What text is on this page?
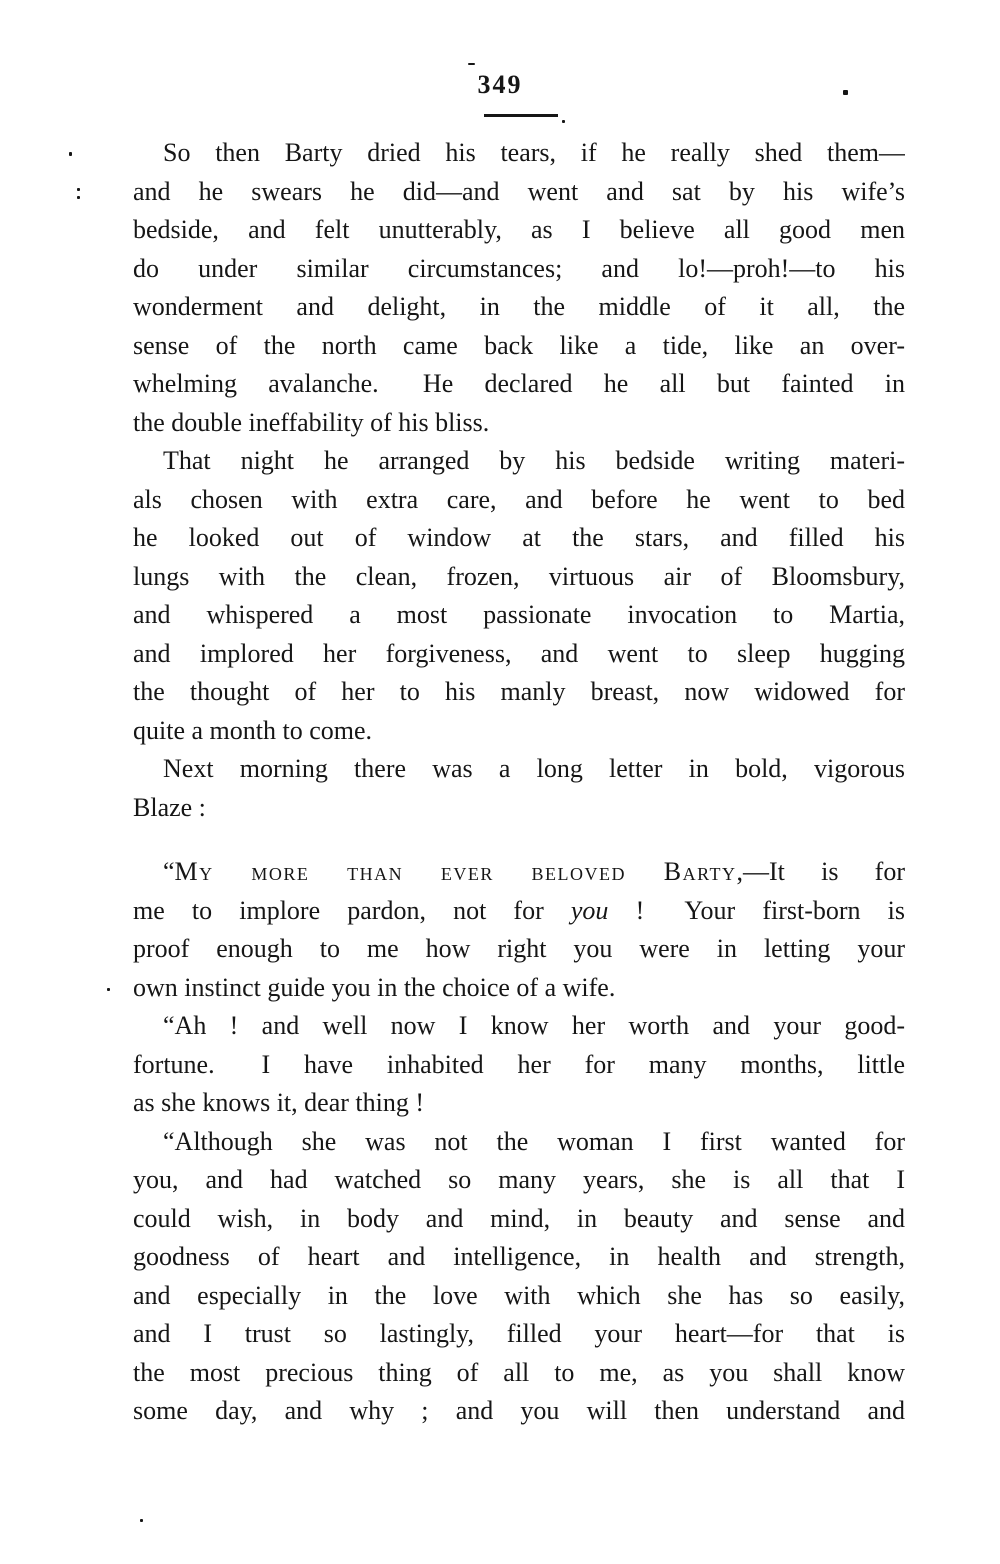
349
So then Barty dried his tears, if he really shed them—
and he swears he did—and went and sat by his wife’s
bedside, and felt unutterably, as I believe all good men
do under similar circumstances; and lo!—proh!—to his
wonderment and delight, in the middle of it all, the
sense of the north came back like a tide, like an over-
whelming avalanche.  He declared he all but fainted in
the double ineffability of his bliss.
That night he arranged by his bedside writing materi-
als chosen with extra care, and before he went to bed
he looked out of window at the stars, and filled his
lungs with the clean, frozen, virtuous air of Bloomsbury,
and whispered a most passionate invocation to Martia,
and implored her forgiveness, and went to sleep hugging
the thought of her to his manly breast, now widowed for
quite a month to come.
Next morning there was a long letter in bold, vigorous
Blaze :
“My more than ever beloved Barty,—It is for
me to implore pardon, not for you !  Your first-born is
proof enough to me how right you were in letting your
own instinct guide you in the choice of a wife.
“Ah ! and well now I know her worth and your good-
fortune.  I have inhabited her for many months, little
as she knows it, dear thing !
“Although she was not the woman I first wanted for
you, and had watched so many years, she is all that I
could wish, in body and mind, in beauty and sense and
goodness of heart and intelligence, in health and strength,
and especially in the love with which she has so easily,
and I trust so lastingly, filled your heart—for that is
the most precious thing of all to me, as you shall know
some day, and why ; and you will then understand and
